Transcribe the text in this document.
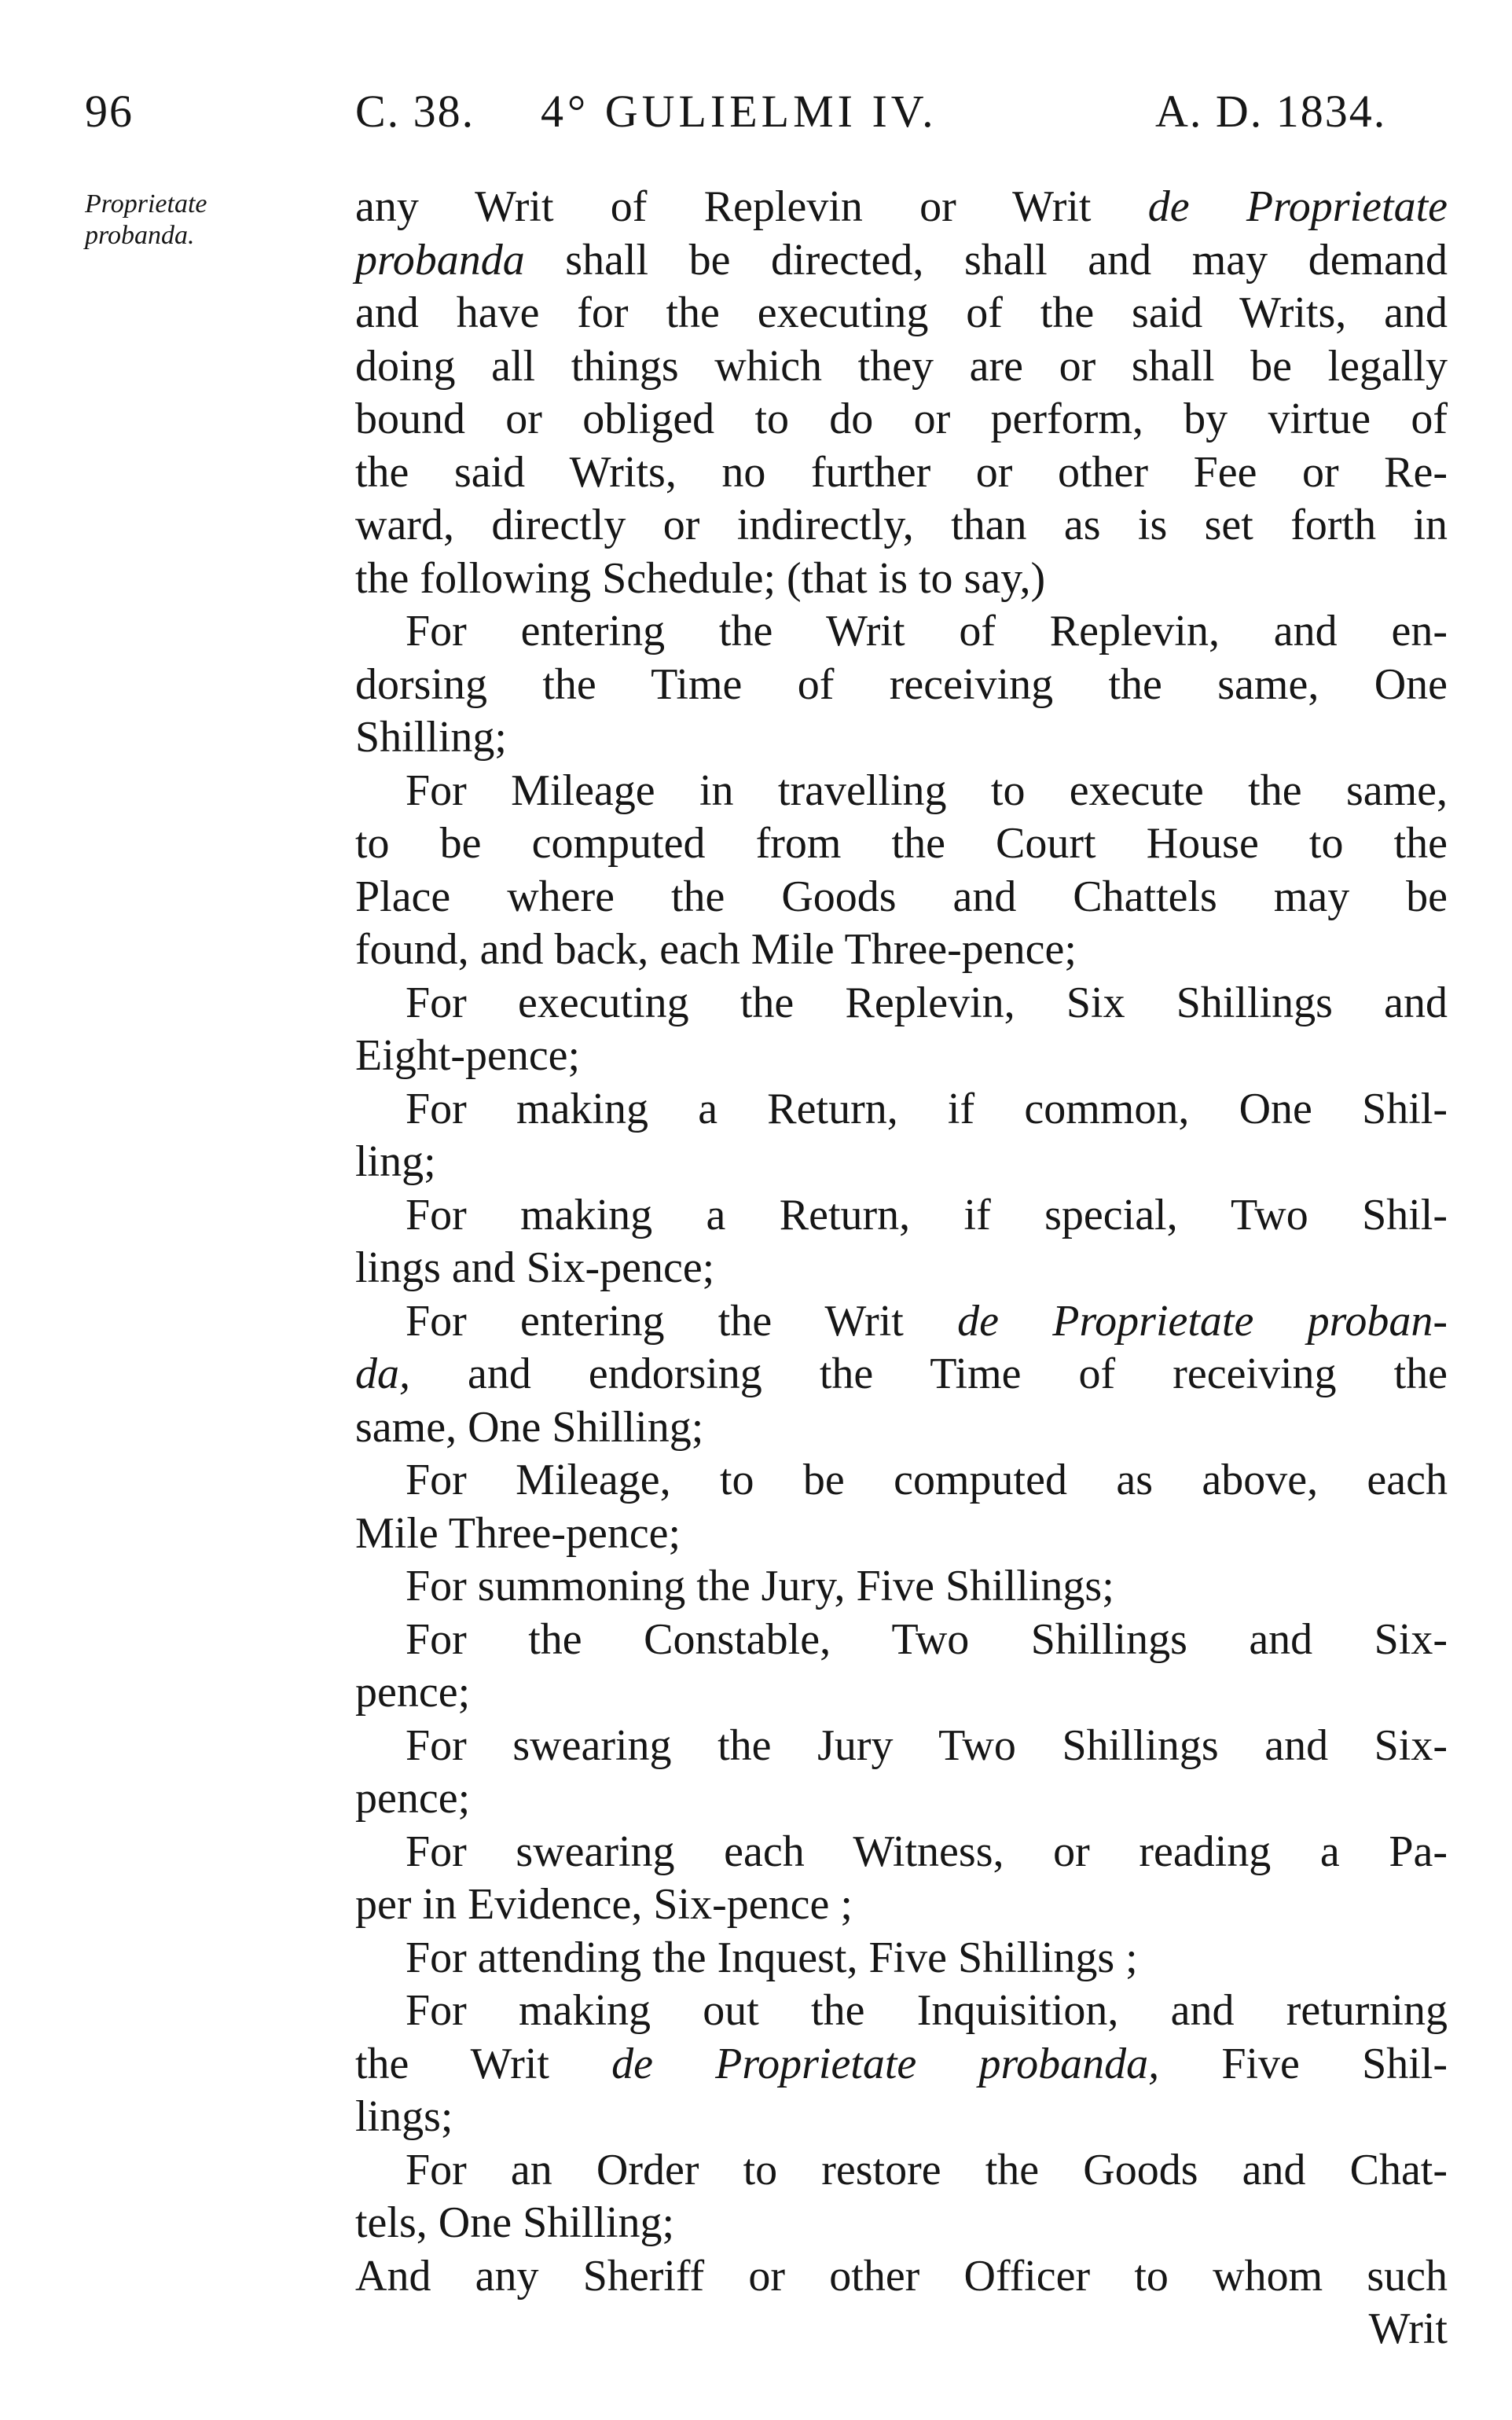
96	C. 38. 4° GULIELMI IV.	A. D. 1834.
Proprietate
probanda.
any Writ of Replevin or Writ de Proprietate
probanda shall be directed, shall and may demand
and have for the executing of the said Writs, and
doing all things which they are or shall be legally
bound or obliged to do or perform, by virtue of
the said Writs, no further or other Fee or Re-
ward, directly or indirectly, than as is set forth in
the following Schedule; (that is to say,)
For entering the Writ of Replevin, and en-
dorsing the Time of receiving the same, One
Shilling;
For Mileage in travelling to execute the same,
to be computed from the Court House to the
Place where the Goods and Chattels may be
found, and back, each Mile Three-pence;
For executing the Replevin, Six Shillings and
Eight-pence;
For making a Return, if common, One Shil-
ling;
For making a Return, if special, Two Shil-
lings and Six-pence;
For entering the Writ de Proprietate proban-
da, and endorsing the Time of receiving the
same, One Shilling;
For Mileage, to be computed as above, each
Mile Three-pence;
For summoning the Jury, Five Shillings;
For the Constable, Two Shillings and Six-
pence;
For swearing the Jury Two Shillings and Six-
pence;
For swearing each Witness, or reading a Pa-
per in Evidence, Six-pence ;
For attending the Inquest, Five Shillings ;
For making out the Inquisition, and returning
the Writ de Proprietate probanda, Five Shil-
lings;
For an Order to restore the Goods and Chat-
tels, One Shilling;
And any Sheriff or other Officer to whom such
Writ
